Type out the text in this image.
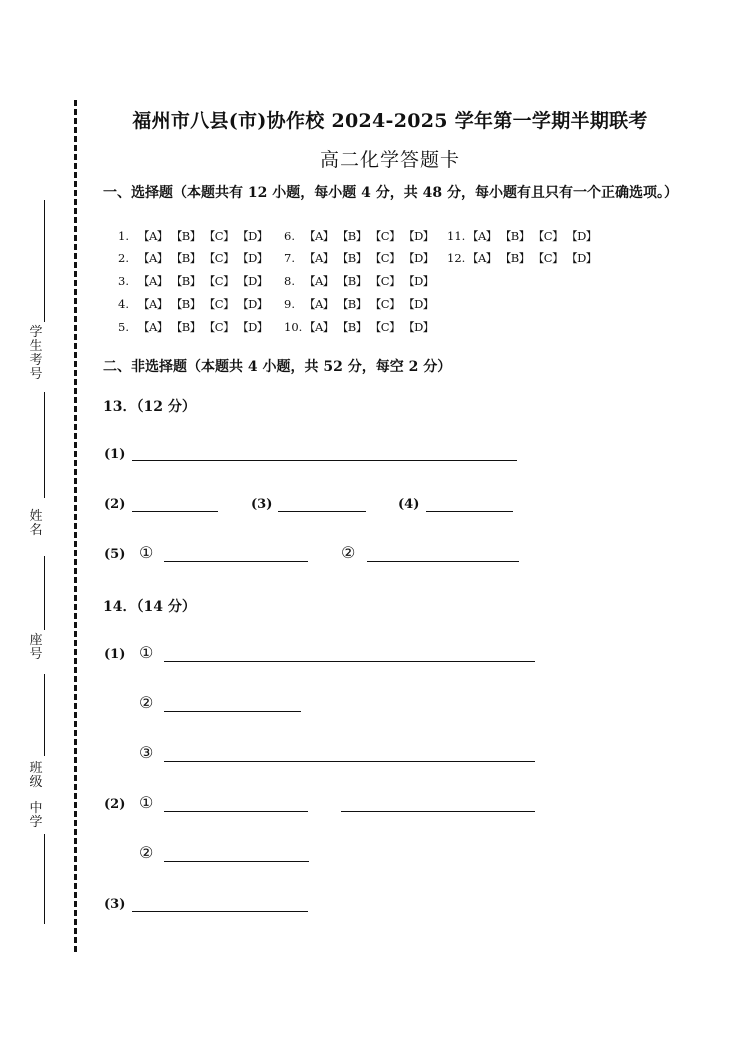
学生考号
姓名
座号
班级
中学
福州市八县(市)协作校 2024-2025 学年第一学期半期联考
高二化学答题卡
一、选择题（本题共有 12 小题，每小题 4 分，共 48 分，每小题有且只有一个正确选项。）
1. 【A】 【B】 【C】 【D】
2. 【A】 【B】 【C】 【D】
3. 【A】 【B】 【C】 【D】
4. 【A】 【B】 【C】 【D】
5. 【A】 【B】 【C】 【D】
6. 【A】 【B】 【C】 【D】
7. 【A】 【B】 【C】 【D】
8. 【A】 【B】 【C】 【D】
9. 【A】 【B】 【C】 【D】
10. 【A】 【B】 【C】 【D】
11. 【A】 【B】 【C】 【D】
12. 【A】 【B】 【C】 【D】
二、非选择题（本题共 4 小题，共 52 分，每空 2 分）
13．（12 分）
(1)
(2)	(3)	(4)
(5) ①	②
14．（14 分）
(1) ①
②
③
(2) ①
②
(3)
